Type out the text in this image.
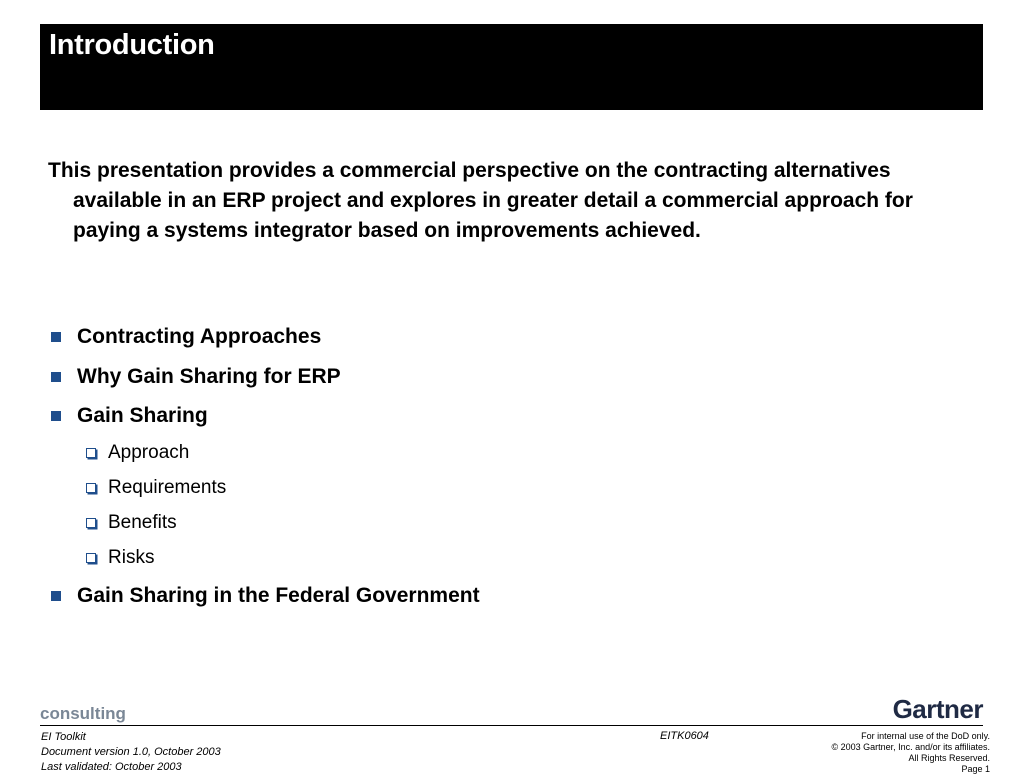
Introduction
This presentation provides a commercial perspective on the contracting alternatives available in an ERP project and explores in greater detail a commercial approach for paying a systems integrator based on improvements achieved.
Contracting Approaches
Why Gain Sharing for ERP
Gain Sharing
Approach
Requirements
Benefits
Risks
Gain Sharing in the Federal Government
consulting	Gartner
EI Toolkit
Document version 1.0, October 2003
Last validated: October 2003
EITK0604	For internal use of the DoD only.
© 2003 Gartner, Inc. and/or its affiliates.
All Rights Reserved.
Page 1
